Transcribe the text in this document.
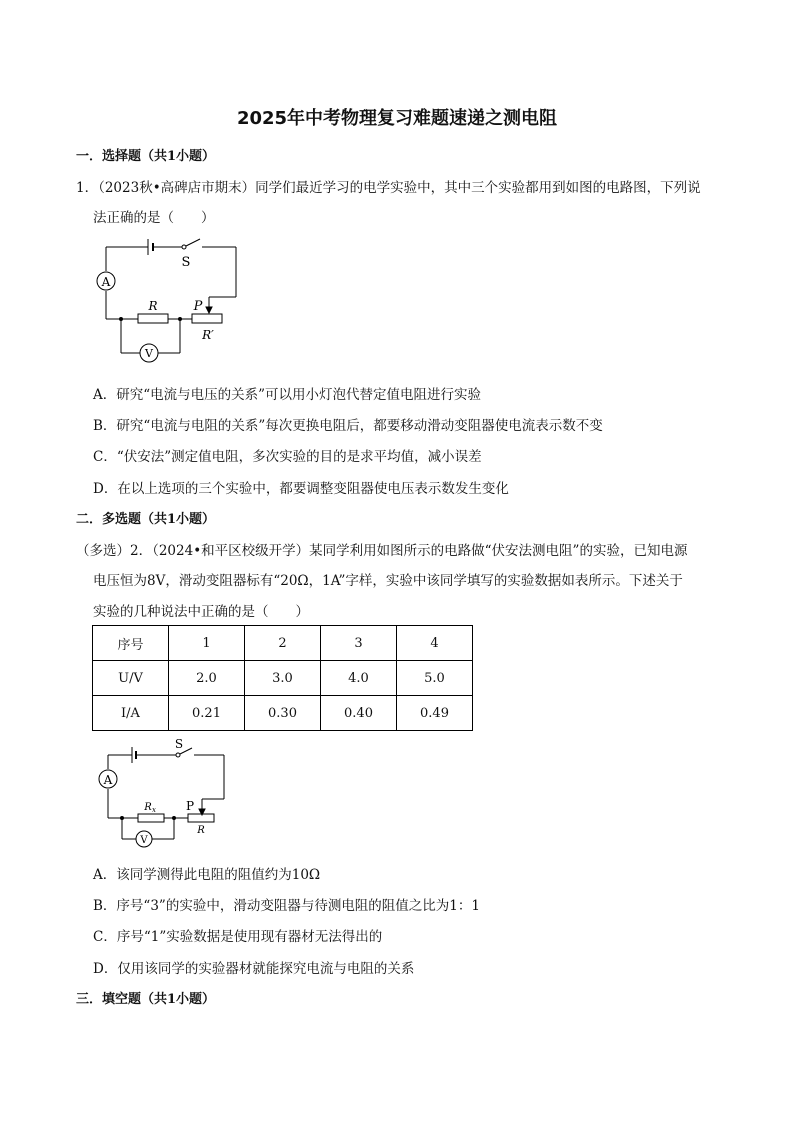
2025年中考物理复习难题速递之测电阻
一．选择题（共1小题）
1．（2023秋•高碑店市期末）同学们最近学习的电学实验中，其中三个实验都用到如图的电路图，下列说
法正确的是（　　）
A
S
R	P
R′
V
A．研究“电流与电压的关系”可以用小灯泡代替定值电阻进行实验
B．研究“电流与电阻的关系”每次更换电阻后，都要移动滑动变阻器使电流表示数不变
C．“伏安法”测定值电阻，多次实验的目的是求平均值，减小误差
D．在以上选项的三个实验中，都要调整变阻器使电压表示数发生变化
二．多选题（共1小题）
（多选）2．（2024•和平区校级开学）某同学利用如图所示的电路做“伏安法测电阻”的实验，已知电源
电压恒为8V，滑动变阻器标有“20Ω，1A”字样，实验中该同学填写的实验数据如表所示。下述关于
实验的几种说法中正确的是（　　）
序号	1	2	3	4
U/V	2.0	3.0	4.0	5.0
I/A	0.21	0.30	0.40	0.49
A
S
R x P
R
V
A．该同学测得此电阻的阻值约为10Ω
B．序号“3”的实验中，滑动变阻器与待测电阻的阻值之比为1：1
C．序号“1”实验数据是使用现有器材无法得出的
D．仅用该同学的实验器材就能探究电流与电阻的关系
三．填空题（共1小题）
